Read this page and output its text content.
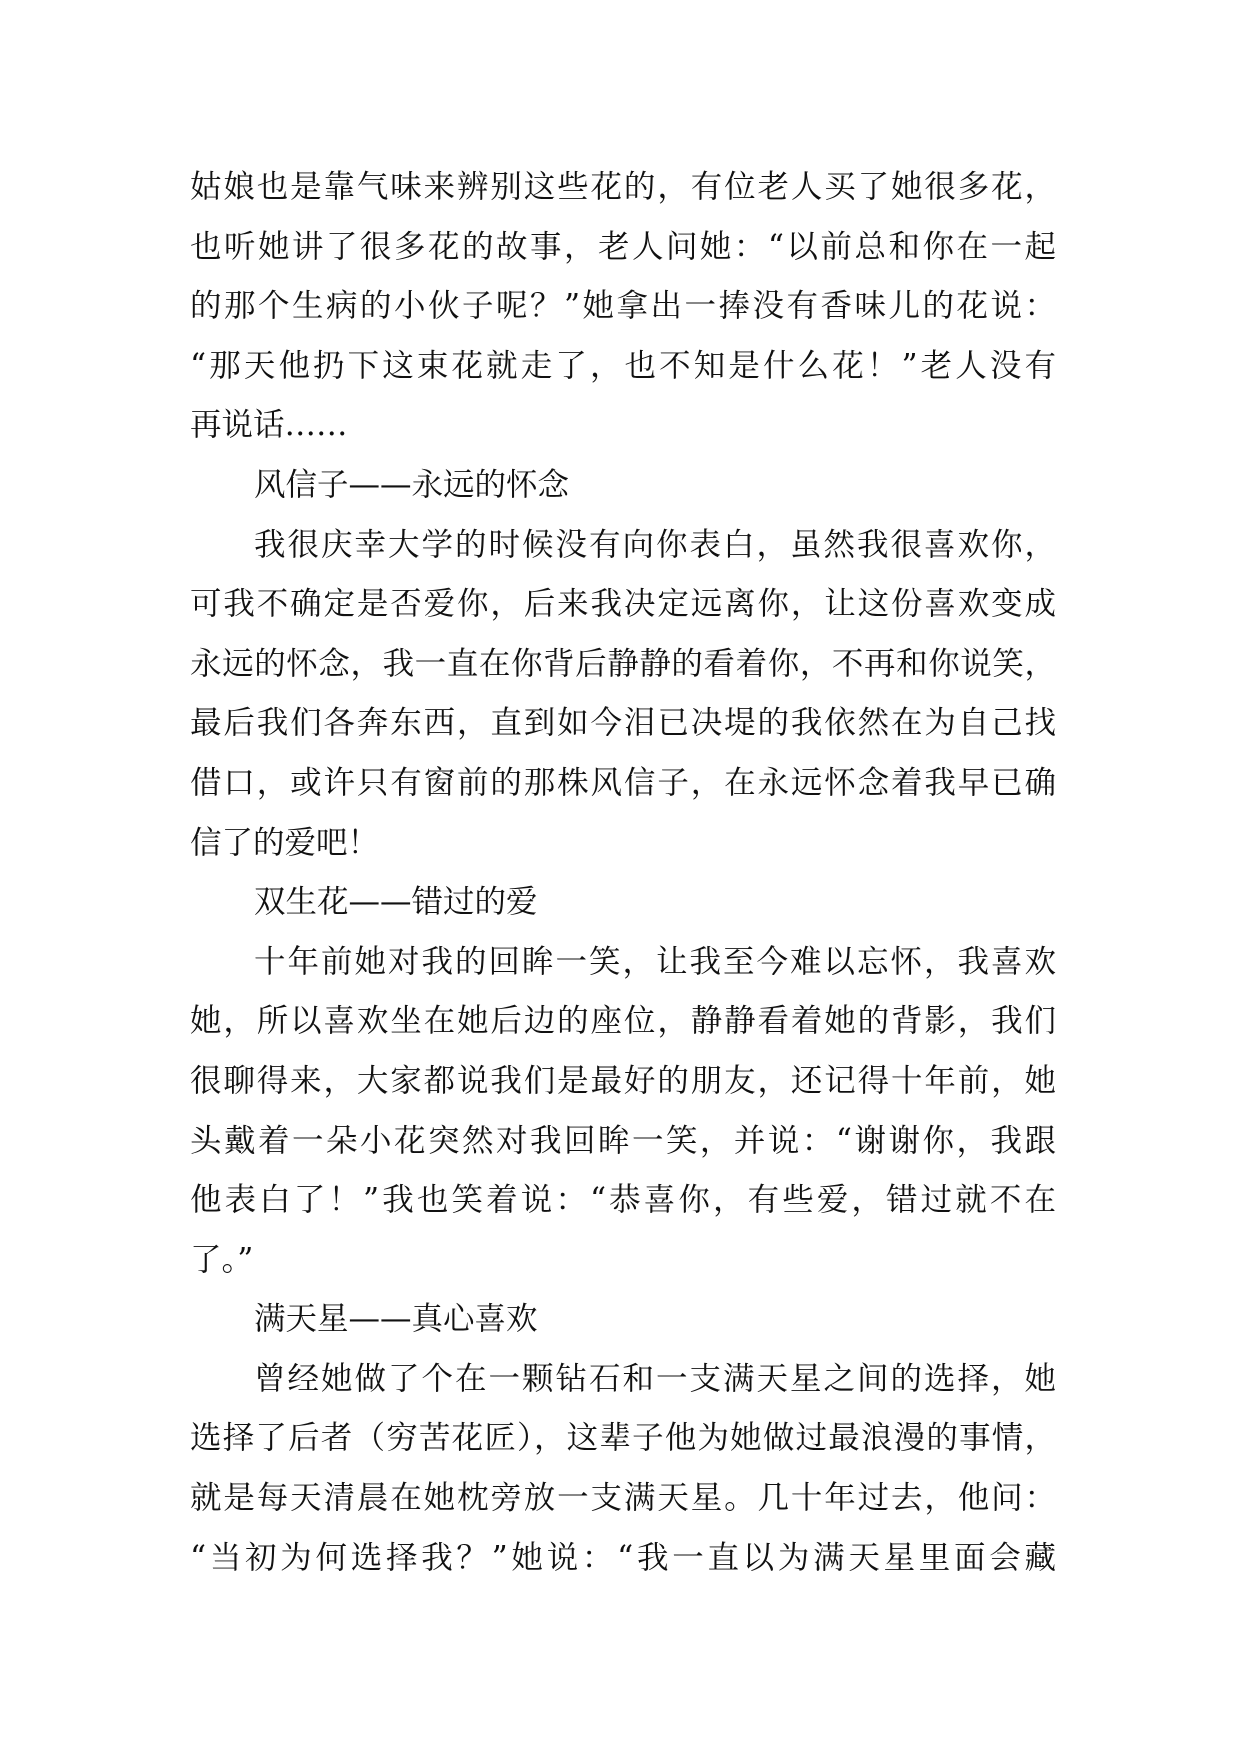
姑娘也是靠气味来辨别这些花的，有位老人买了她很多花，
也听她讲了很多花的故事，老人问她：“以前总和你在一起
的那个生病的小伙子呢？”她拿出一捧没有香味儿的花说：
“那天他扔下这束花就走了，也不知是什么花！”老人没有
再说话……
风信子——永远的怀念
我很庆幸大学的时候没有向你表白，虽然我很喜欢你，
可我不确定是否爱你，后来我决定远离你，让这份喜欢变成
永远的怀念，我一直在你背后静静的看着你，不再和你说笑，
最后我们各奔东西，直到如今泪已决堤的我依然在为自己找
借口，或许只有窗前的那株风信子，在永远怀念着我早已确
信了的爱吧！
双生花——错过的爱
十年前她对我的回眸一笑，让我至今难以忘怀，我喜欢
她，所以喜欢坐在她后边的座位，静静看着她的背影，我们
很聊得来，大家都说我们是最好的朋友，还记得十年前，她
头戴着一朵小花突然对我回眸一笑，并说：“谢谢你，我跟
他表白了！”我也笑着说：“恭喜你，有些爱，错过就不在
了。”
满天星——真心喜欢
曾经她做了个在一颗钻石和一支满天星之间的选择，她
选择了后者（穷苦花匠），这辈子他为她做过最浪漫的事情，
就是每天清晨在她枕旁放一支满天星。几十年过去，他问：
“当初为何选择我？”她说：“我一直以为满天星里面会藏
